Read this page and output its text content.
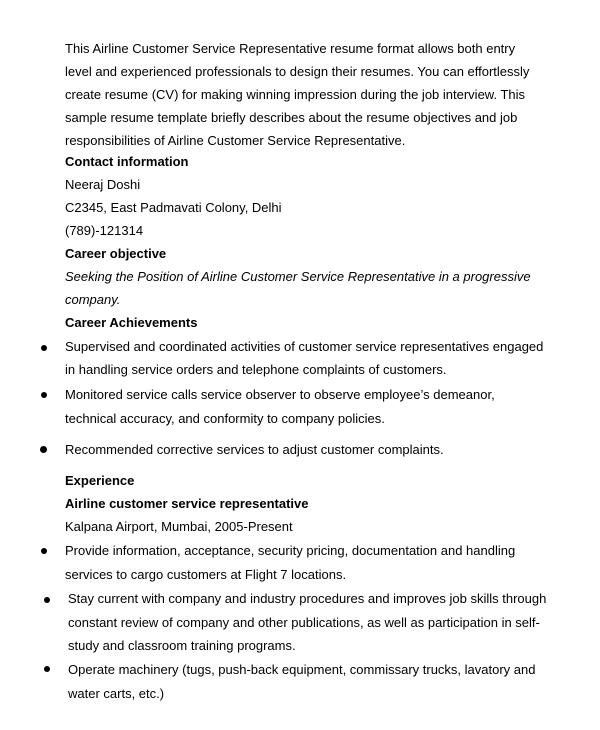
This Airline Customer Service Representative resume format allows both entry
level and experienced professionals to design their resumes. You can effortlessly
create resume (CV) for making winning impression during the job interview. This
sample resume template briefly describes about the resume objectives and job
responsibilities of Airline Customer Service Representative.

Contact information

Neeraj Doshi

C2345, East Padmavati Colony, Delhi

(789)-121314

Career objective

Seeking the Position of Airline Customer Service Representative in a progressive

company.

Career Achievements

Supervised and coordinated activities of customer service representatives engaged

in handling service orders and telephone complaints of customers.

Monitored service calls service observer to observe employee’s demeanor,

technical accuracy, and conformity to company policies.

Recommended corrective services to adjust customer complaints.

Experience

Airline customer service representative

Kalpana Airport, Mumbai, 2005-Present

Provide information, acceptance, security pricing, documentation and handling

services to cargo customers at Flight 7 locations.

Stay current with company and industry procedures and improves job skills through

constant review of company and other publications, as well as participation in self-

study and classroom training programs.

Operate machinery (tugs, push-back equipment, commissary trucks, lavatory and

water carts, etc.)
